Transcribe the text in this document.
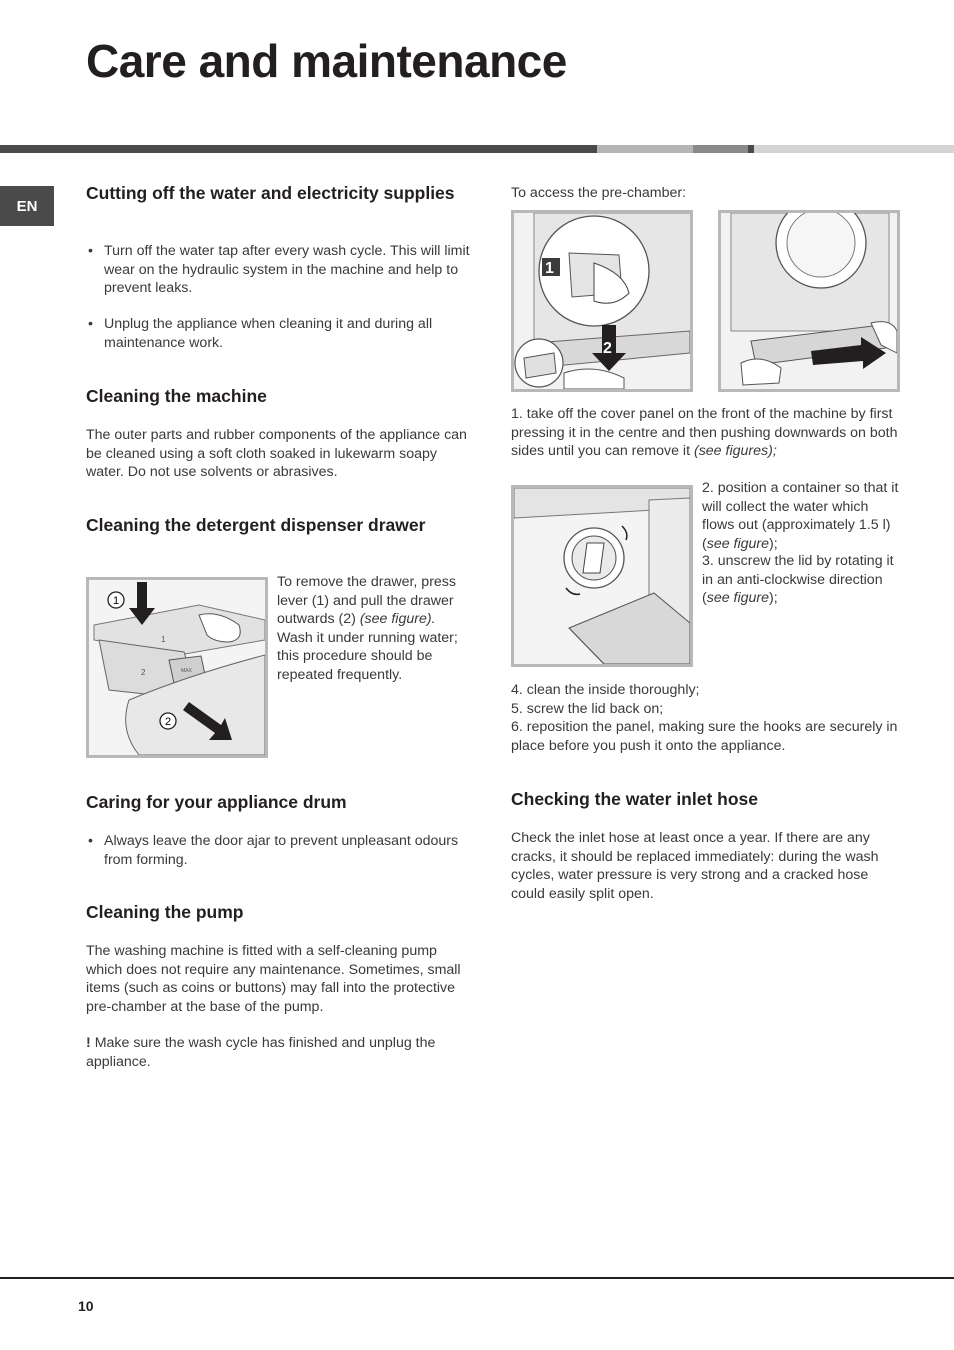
Care and maintenance
EN
Cutting off the water and electricity supplies
• Turn off the water tap after every wash cycle. This will limit wear on the hydraulic system in the machine and help to prevent leaks.
• Unplug the appliance when cleaning it and during all maintenance work.
Cleaning the machine

The outer parts and rubber components of the appliance can be cleaned using a soft cloth soaked in lukewarm soapy water. Do not use solvents or abrasives.

Cleaning the detergent dispenser drawer
1
2
1
2	MAX

To remove the drawer, press lever (1) and pull the drawer outwards (2) (see figure). Wash it under running water; this procedure should be repeated frequently.

Caring for your appliance drum
• Always leave the door ajar to prevent unpleasant odours from forming.
Cleaning the pump

The washing machine is fitted with a self-cleaning pump which does not require any maintenance. Sometimes, small items (such as coins or buttons) may fall into the protective pre-chamber at the base of the pump.

! Make sure the wash cycle has finished and unplug the appliance.

To access the pre-chamber:

1
2

1. take off the cover panel on the front of the machine by first pressing it in the centre and then pushing downwards on both sides until you can remove it (see figures);

2. position a container so that it will collect the water which flows out (approximately 1.5 l) (see figure);

3. unscrew the lid by rotating it in an anti-clockwise direction (see figure);

4. clean the inside thoroughly;

5. screw the lid back on;

6. reposition the panel, making sure the hooks are securely in place before you push it onto the appliance.

Checking the water inlet hose

Check the inlet hose at least once a year. If there are any cracks, it should be replaced immediately: during the wash cycles, water pressure is very strong and a cracked hose could easily split open.

10
